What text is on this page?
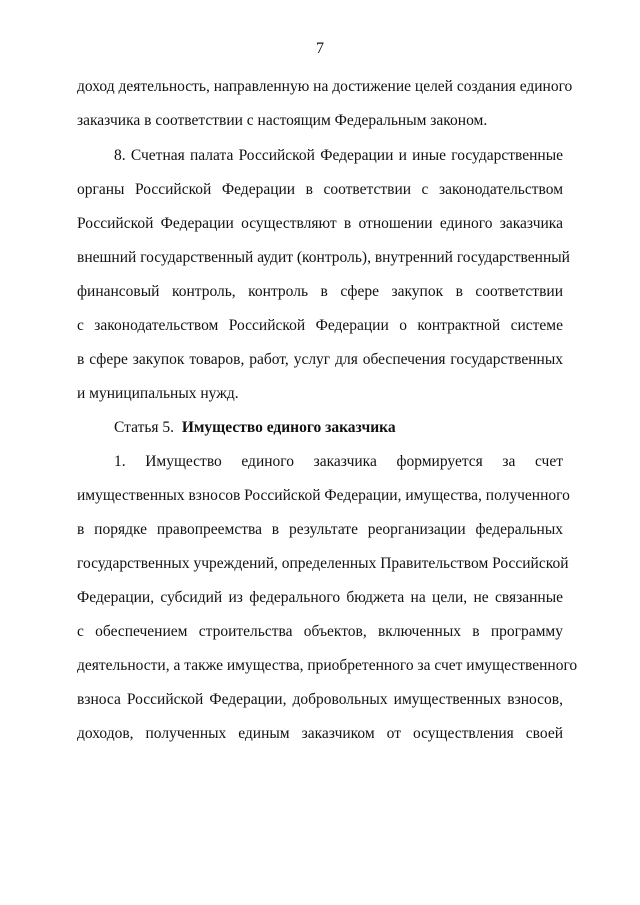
7
доход деятельность, направленную на достижение целей создания единого
заказчика в соответствии с настоящим Федеральным законом.
8. Счетная палата Российской Федерации и иные государственные
органы Российской Федерации в соответствии с законодательством
Российской Федерации осуществляют в отношении единого заказчика
внешний государственный аудит (контроль), внутренний государственный
финансовый контроль, контроль в сфере закупок в соответствии
с законодательством Российской Федерации о контрактной системе
в сфере закупок товаров, работ, услуг для обеспечения государственных
и муниципальных нужд.
Статья 5. Имущество единого заказчика
1. Имущество единого заказчика формируется за счет
имущественных взносов Российской Федерации, имущества, полученного
в порядке правопреемства в результате реорганизации федеральных
государственных учреждений, определенных Правительством Российской
Федерации, субсидий из федерального бюджета на цели, не связанные
с обеспечением строительства объектов, включенных в программу
деятельности, а также имущества, приобретенного за счет имущественного
взноса Российской Федерации, добровольных имущественных взносов,
доходов, полученных единым заказчиком от осуществления своей
